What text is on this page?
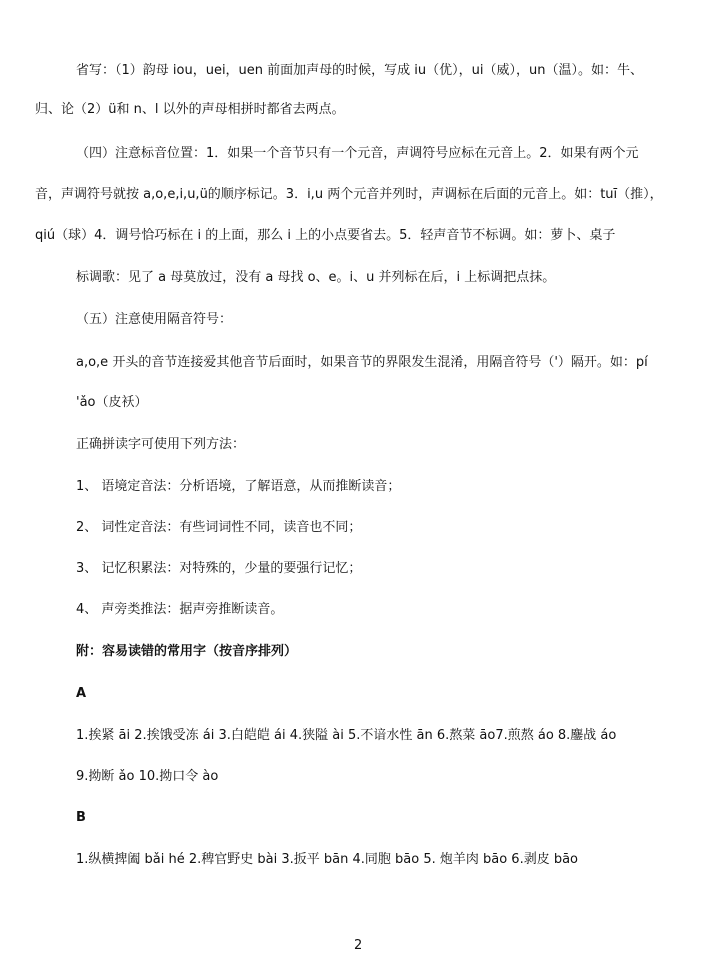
省写：（1）韵母 iou，uei，uen 前面加声母的时候，写成 iu（优），ui（威），un（温）。如：牛、
归、论（2）ü和 n、l 以外的声母相拼时都省去两点。
（四）注意标音位置：1．如果一个音节只有一个元音，声调符号应标在元音上。2．如果有两个元
音，声调符号就按 a,o,e,i,u,ü的顺序标记。3．i,u 两个元音并列时，声调标在后面的元音上。如：tuī（推），
qiú（球）4．调号恰巧标在 i 的上面，那么 i 上的小点要省去。5．轻声音节不标调。如：萝卜、桌子
标调歌：见了 a 母莫放过，没有 a 母找 o、e。i、u 并列标在后，i 上标调把点抹。
（五）注意使用隔音符号：
a,o,e 开头的音节连接爱其他音节后面时，如果音节的界限发生混淆，用隔音符号（'）隔开。如：pí
'ǎo（皮袄）
正确拼读字可使用下列方法：
1、 语境定音法：分析语境，了解语意，从而推断读音；
2、 词性定音法：有些词词性不同，读音也不同；
3、 记忆积累法：对特殊的，少量的要强行记忆；
4、 声旁类推法：据声旁推断读音。
附：容易读错的常用字（按音序排列）
A
1.挨紧 āi 2.挨饿受冻 ái 3.白皑皑 ái 4.狭隘 ài 5.不谙水性 ān 6.熬菜 āo7.煎熬 áo 8.鏖战 áo
9.拗断 ǎo 10.拗口令 ào
B
1.纵横捭阖 bǎi hé 2.稗官野史 bài 3.扳平 bān 4.同胞 bāo 5. 炮羊肉 bāo 6.剥皮 bāo
2
